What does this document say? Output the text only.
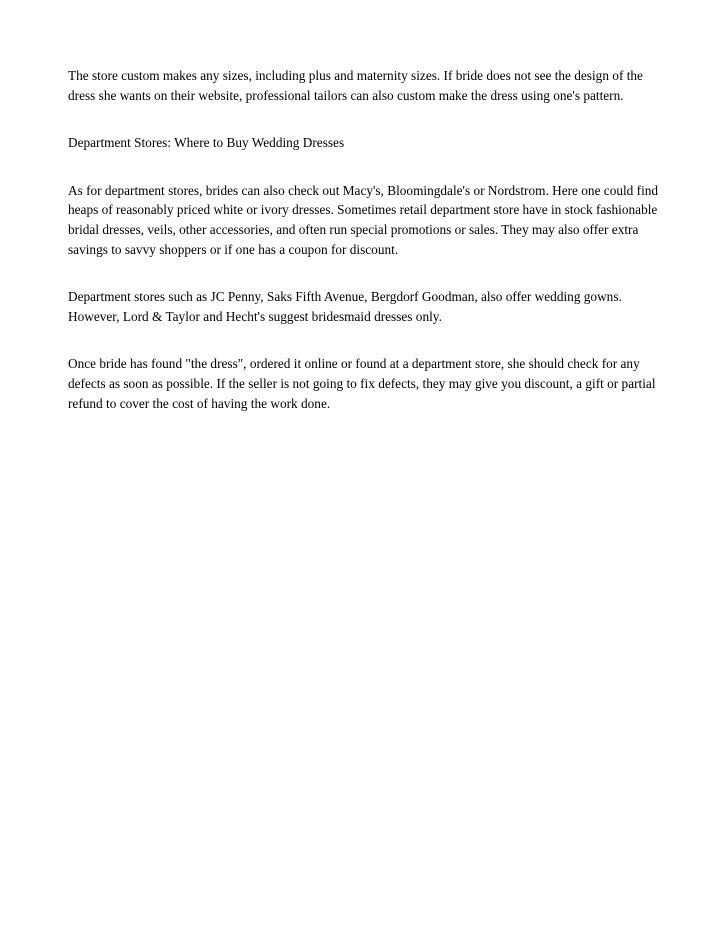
The store custom makes any sizes, including plus and maternity sizes. If bride does not see the design of the dress she wants on their website, professional tailors can also custom make the dress using one's pattern.

Department Stores: Where to Buy Wedding Dresses

As for department stores, brides can also check out Macy's, Bloomingdale's or Nordstrom. Here one could find heaps of reasonably priced white or ivory dresses. Sometimes retail department store have in stock fashionable bridal dresses, veils, other accessories, and often run special promotions or sales. They may also offer extra savings to savvy shoppers or if one has a coupon for discount.

Department stores such as JC Penny, Saks Fifth Avenue, Bergdorf Goodman, also offer wedding gowns. However, Lord & Taylor and Hecht's suggest bridesmaid dresses only.

Once bride has found "the dress", ordered it online or found at a department store, she should check for any defects as soon as possible. If the seller is not going to fix defects, they may give you discount, a gift or partial refund to cover the cost of having the work done.
